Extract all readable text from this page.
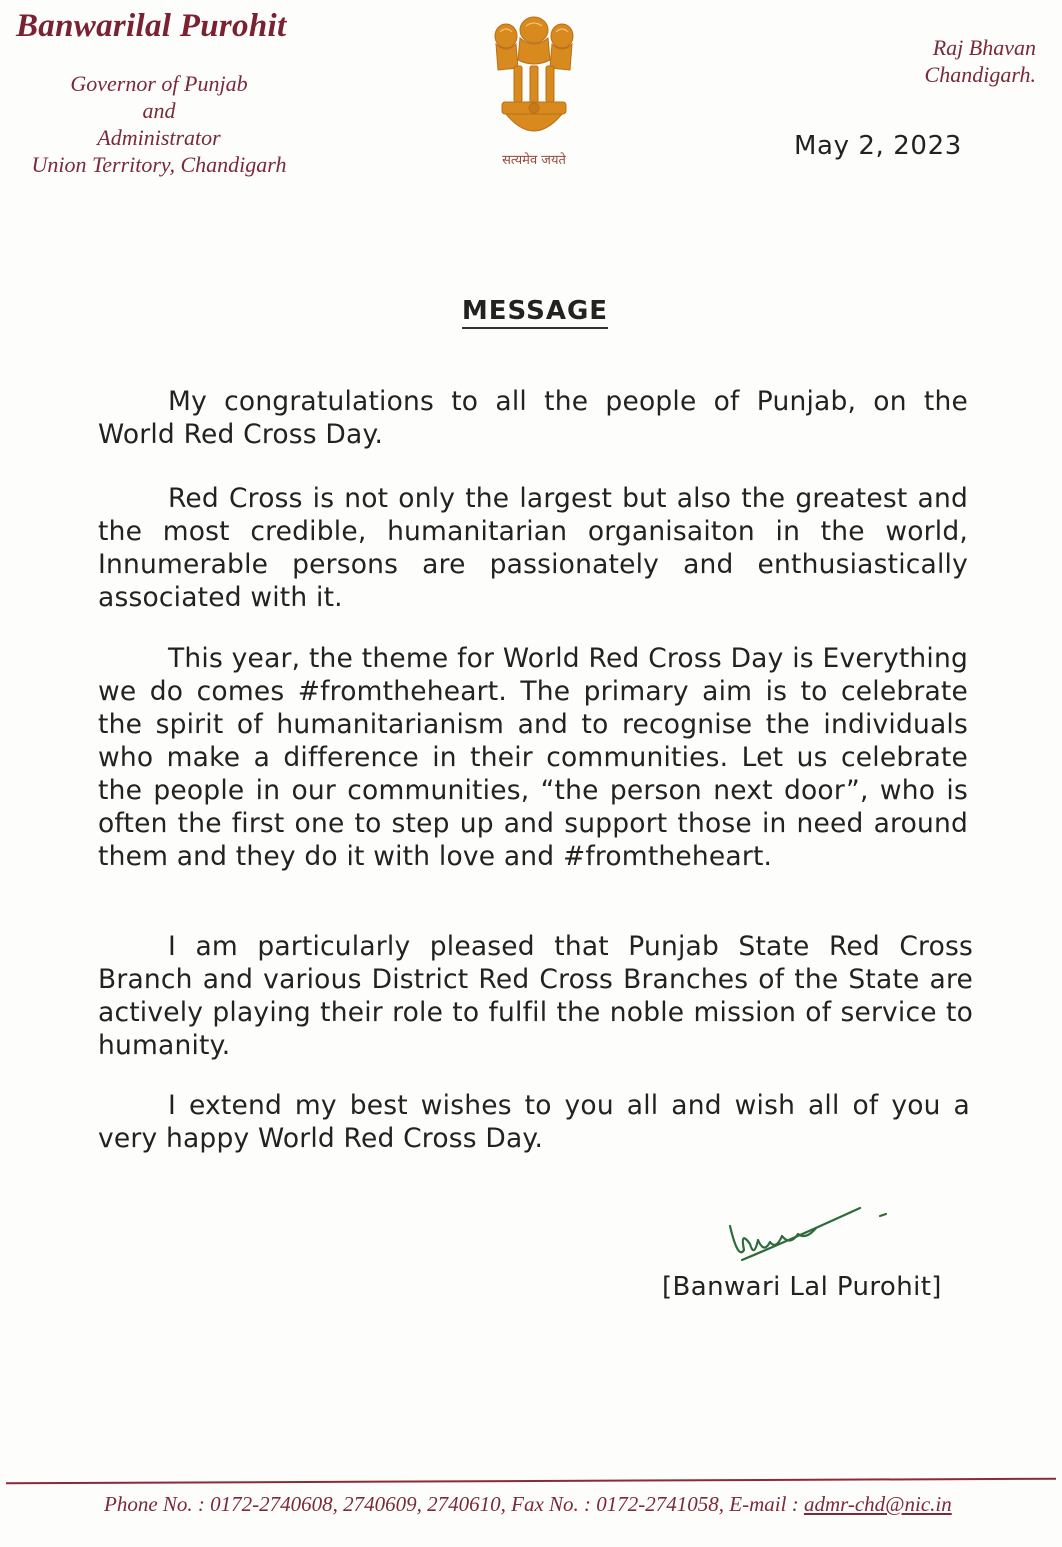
Banwarilal Purohit
Governor of Punjab
and
Administrator
Union Territory, Chandigarh	सत्यमेव जयते
Raj Bhavan
Chandigarh.
May 2, 2023
MESSAGE

My congratulations to all the people of Punjab, on the World Red Cross Day.

Red Cross is not only the largest but also the greatest and the most credible, humanitarian organisaiton in the world, Innumerable persons are passionately and enthusiastically associated with it.

This year, the theme for World Red Cross Day is Everything we do comes #fromtheheart. The primary aim is to celebrate the spirit of humanitarianism and to recognise the individuals who make a difference in their communities. Let us celebrate the people in our communities, “the person next door”, who is often the first one to step up and support those in need around them and they do it with love and #fromtheheart.

I am particularly pleased that Punjab State Red Cross Branch and various District Red Cross Branches of the State are actively playing their role to fulfil the noble mission of service to humanity.

I extend my best wishes to you all and wish all of you a very happy World Red Cross Day.

[Banwari Lal Purohit]
Phone No. : 0172-2740608, 2740609, 2740610, Fax No. : 0172-2741058, E-mail : admr-chd@nic.in
